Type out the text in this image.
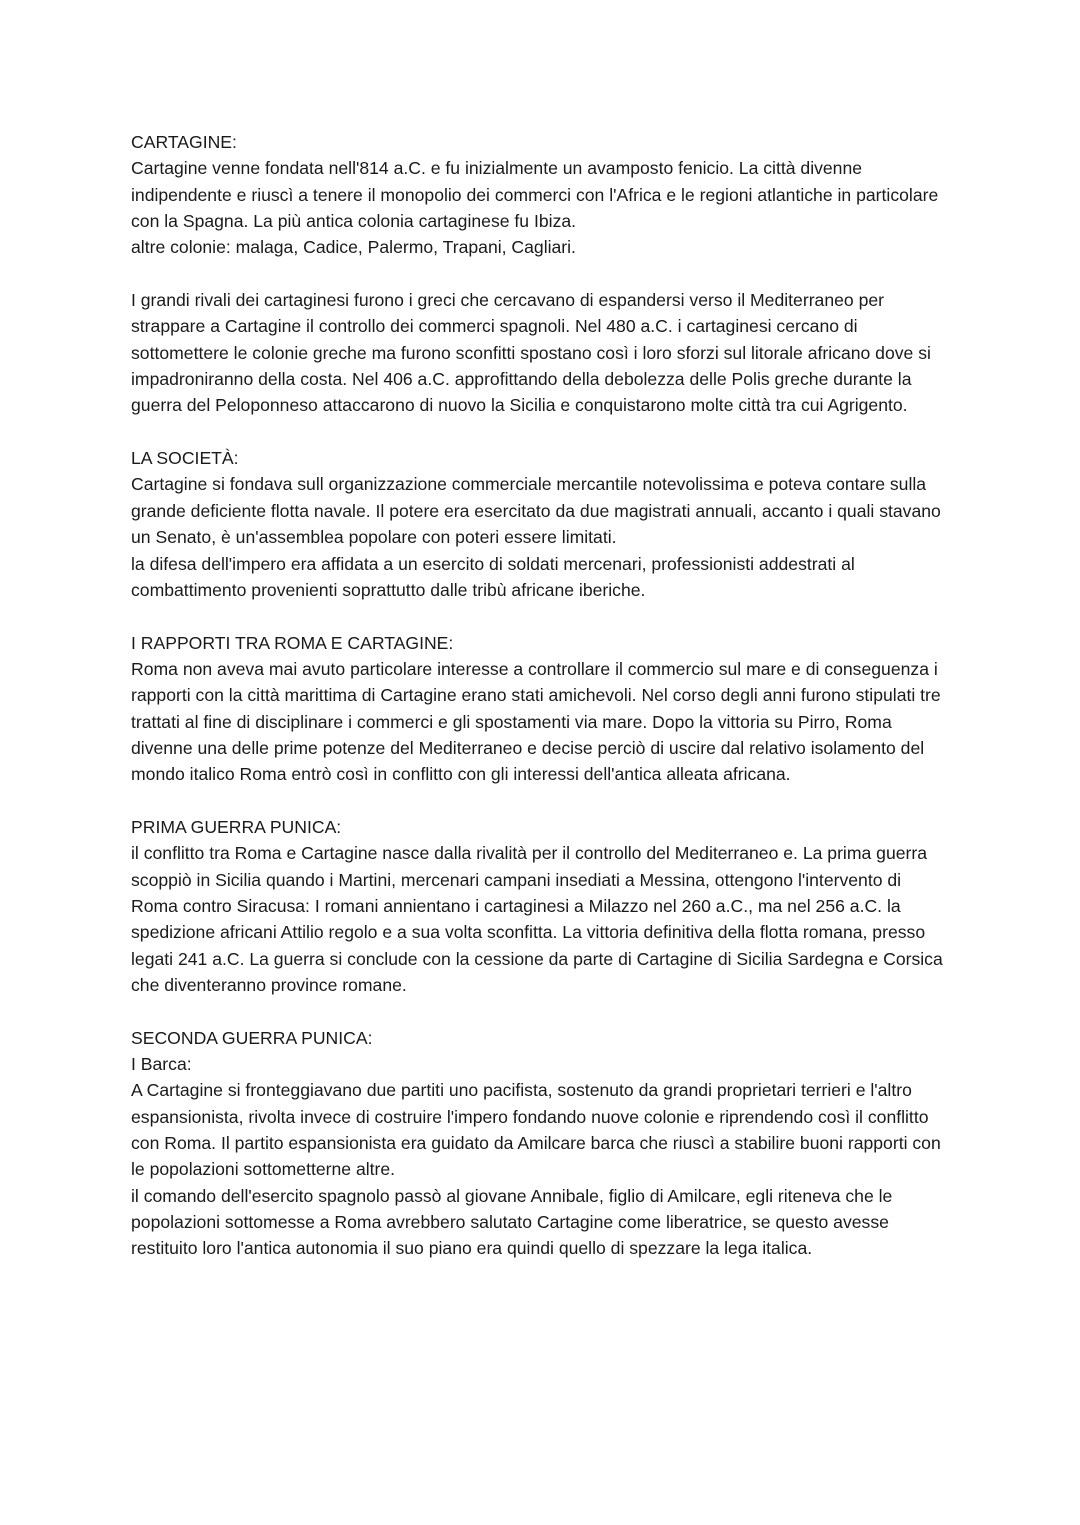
CARTAGINE:

Cartagine venne fondata nell'814 a.C. e fu inizialmente un avamposto fenicio. La città divenne indipendente e riuscì a tenere il monopolio dei commerci con l'Africa e le regioni atlantiche in particolare con la Spagna. La più antica colonia cartaginese fu Ibiza.

altre colonie: malaga, Cadice, Palermo, Trapani, Cagliari.

I grandi rivali dei cartaginesi furono i greci che cercavano di espandersi verso il Mediterraneo per strappare a Cartagine il controllo dei commerci spagnoli. Nel 480 a.C. i cartaginesi cercano di sottomettere le colonie greche ma furono sconfitti spostano così i loro sforzi sul litorale africano dove si impadroniranno della costa. Nel 406 a.C. approfittando della debolezza delle Polis greche durante la guerra del Peloponneso attaccarono di nuovo la Sicilia e conquistarono molte città tra cui Agrigento.

LA SOCIETÀ:

Cartagine si fondava sull organizzazione commerciale mercantile notevolissima e poteva contare sulla grande deficiente flotta navale. Il potere era esercitato da due magistrati annuali, accanto i quali stavano un Senato, è un'assemblea popolare con poteri essere limitati.

la difesa dell'impero era affidata a un esercito di soldati mercenari, professionisti addestrati al combattimento provenienti soprattutto dalle tribù africane iberiche.

I RAPPORTI TRA ROMA E CARTAGINE:

Roma non aveva mai avuto particolare interesse a controllare il commercio sul mare e di conseguenza i rapporti con la città marittima di Cartagine erano stati amichevoli. Nel corso degli anni furono stipulati tre trattati al fine di disciplinare i commerci e gli spostamenti via mare. Dopo la vittoria su Pirro, Roma divenne una delle prime potenze del Mediterraneo e decise perciò di uscire dal relativo isolamento del mondo italico Roma entrò così in conflitto con gli interessi dell'antica alleata africana.

PRIMA GUERRA PUNICA:

il conflitto tra Roma e Cartagine nasce dalla rivalità per il controllo del Mediterraneo e. La prima guerra scoppiò in Sicilia quando i Martini, mercenari campani insediati a Messina, ottengono l'intervento di Roma contro Siracusa: I romani annientano i cartaginesi a Milazzo nel 260 a.C., ma nel 256 a.C. la spedizione africani Attilio regolo e a sua volta sconfitta. La vittoria definitiva della flotta romana, presso legati 241 a.C. La guerra si conclude con la cessione da parte di Cartagine di Sicilia Sardegna e Corsica che diventeranno province romane.

SECONDA GUERRA PUNICA:

I Barca:

A Cartagine si fronteggiavano due partiti uno pacifista, sostenuto da grandi proprietari terrieri e l'altro espansionista, rivolta invece di costruire l'impero fondando nuove colonie e riprendendo così il conflitto con Roma. Il partito espansionista era guidato da Amilcare barca che riuscì a stabilire buoni rapporti con le popolazioni sottometterne altre.

il comando dell'esercito spagnolo passò al giovane Annibale, figlio di Amilcare, egli riteneva che le popolazioni sottomesse a Roma avrebbero salutato Cartagine come liberatrice, se questo avesse restituito loro l'antica autonomia il suo piano era quindi quello di spezzare la lega italica.
